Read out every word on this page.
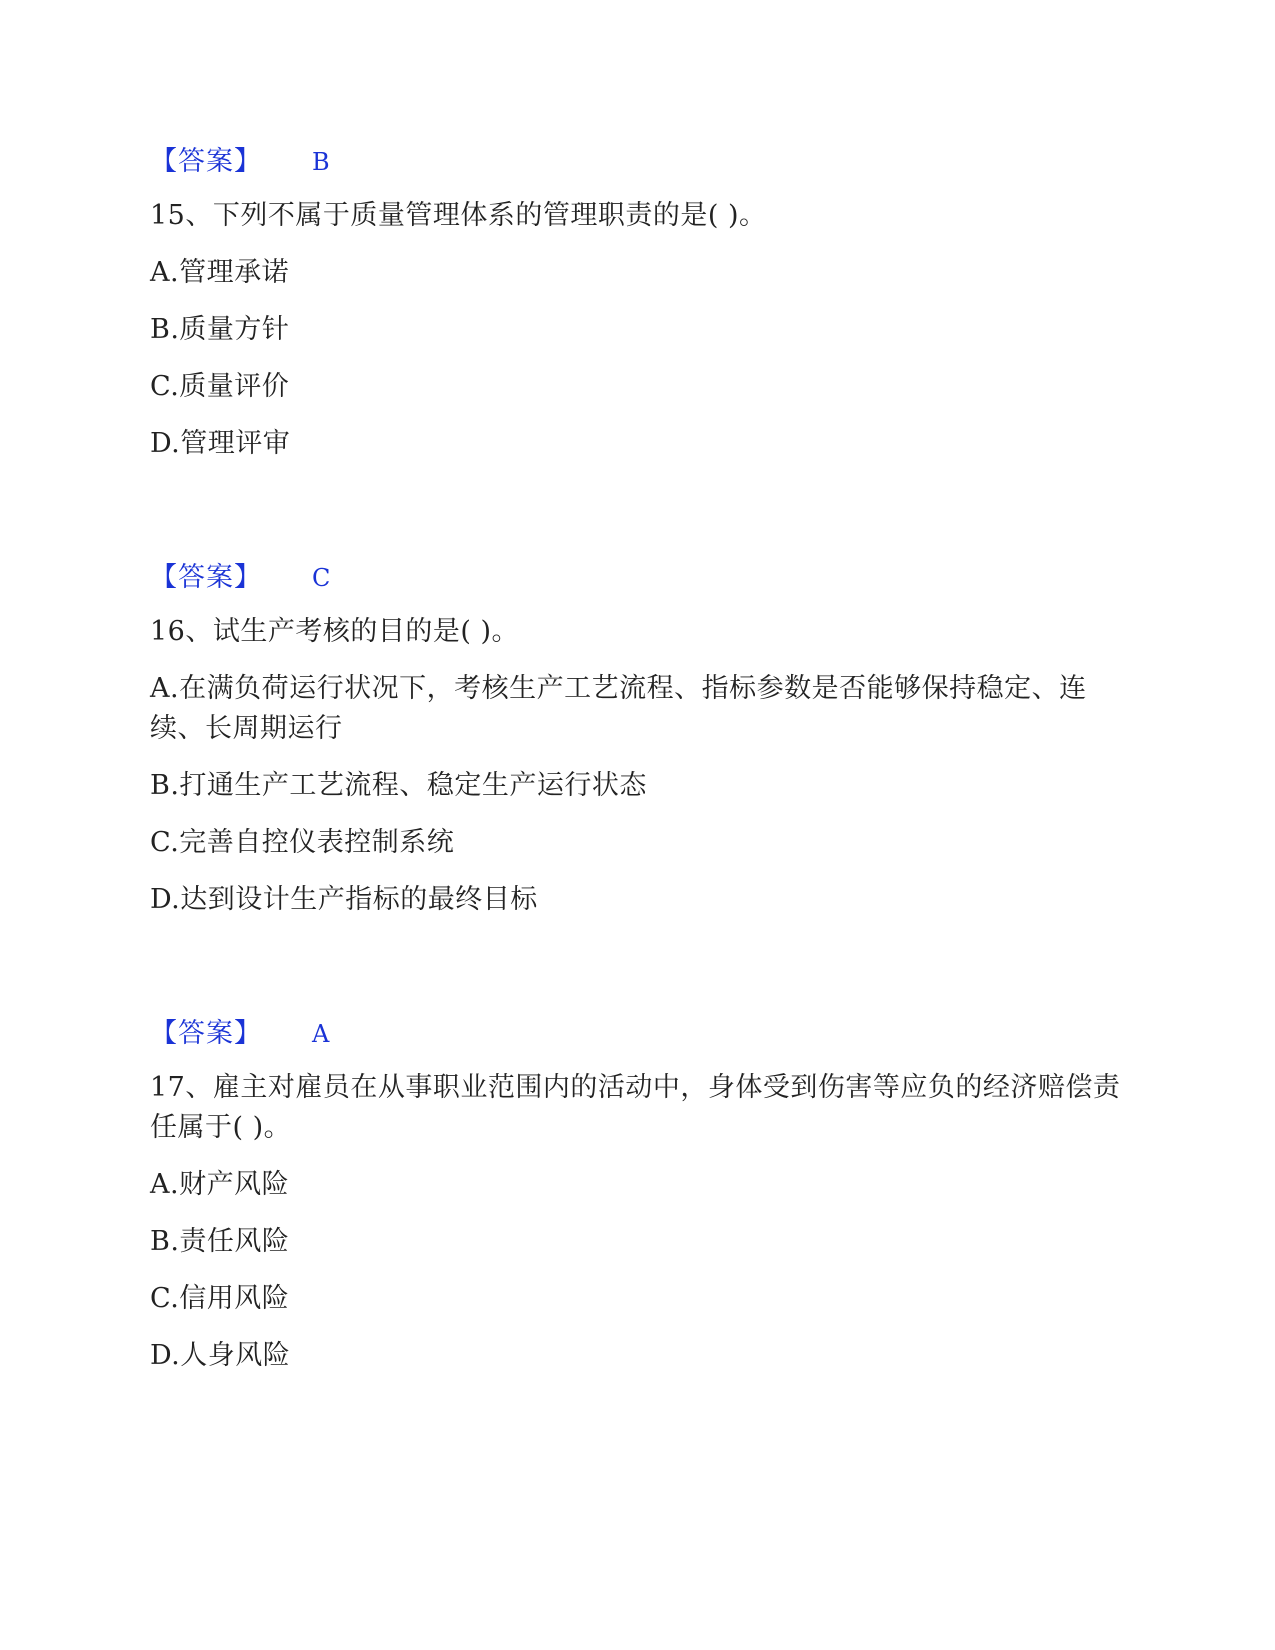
【答案】 B
15、下列不属于质量管理体系的管理职责的是( )。
A.管理承诺
B.质量方针
C.质量评价
D.管理评审
【答案】 C
16、试生产考核的目的是( )。
A.在满负荷运行状况下，考核生产工艺流程、指标参数是否能够保持稳定、连续、长周期运行
B.打通生产工艺流程、稳定生产运行状态
C.完善自控仪表控制系统
D.达到设计生产指标的最终目标
【答案】 A
17、雇主对雇员在从事职业范围内的活动中，身体受到伤害等应负的经济赔偿责任属于( )。
A.财产风险
B.责任风险
C.信用风险
D.人身风险
